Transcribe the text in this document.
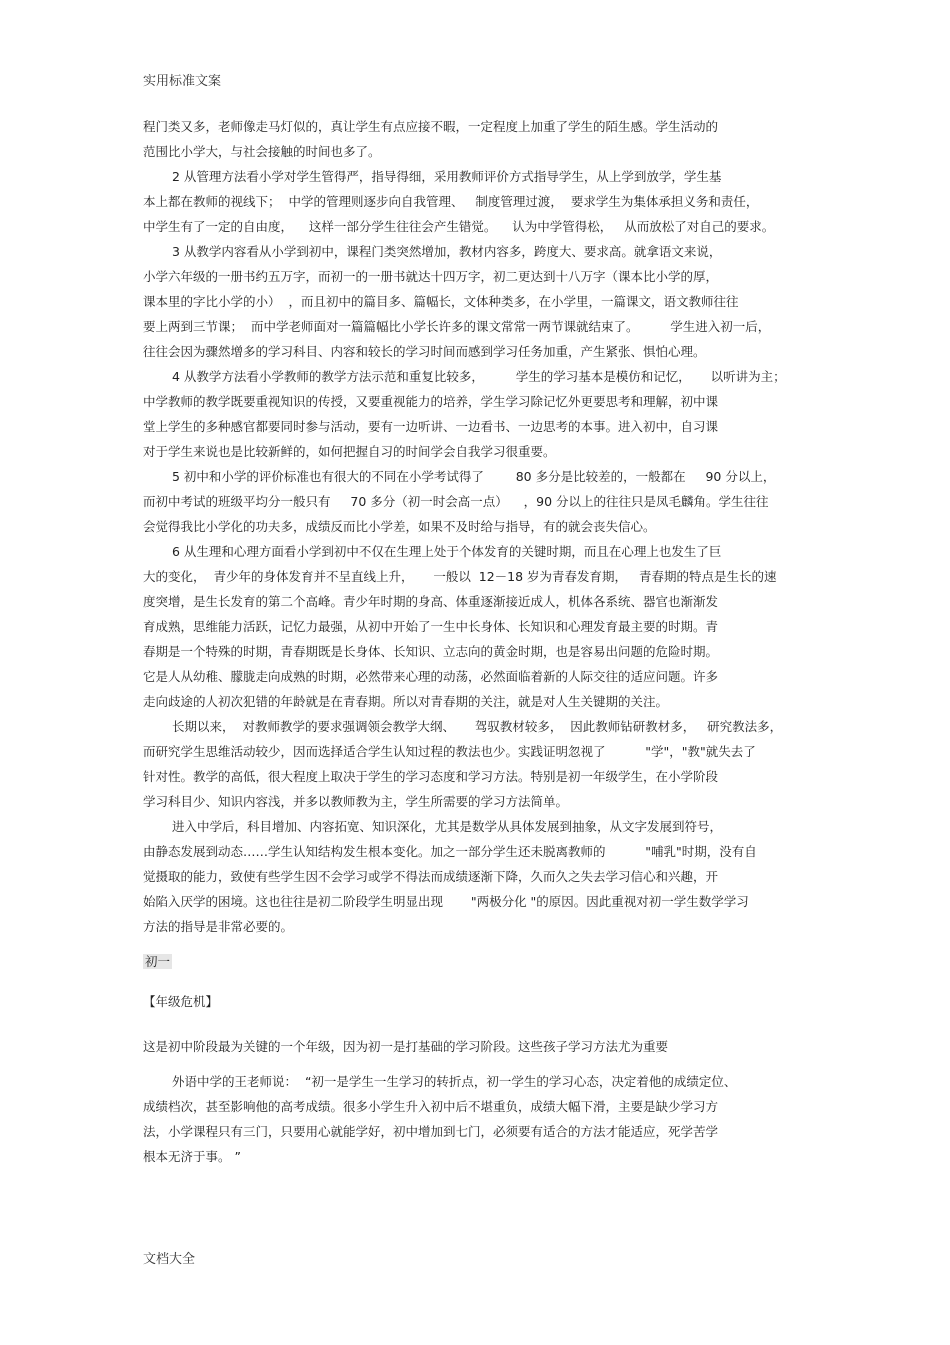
实用标准文案
程门类又多，老师像走马灯似的，真让学生有点应接不暇，一定程度上加重了学生的陌生感。学生活动的
范围比小学大，与社会接触的时间也多了。
2 从管理方法看小学对学生管得严，指导得细，采用教师评价方式指导学生，从上学到放学，学生基
本上都在教师的视线下；  中学的管理则逐步向自我管理、   制度管理过渡，  要求学生为集体承担义务和责任，
中学生有了一定的自由度，    这样一部分学生往往会产生错觉。    认为中学管得松，   从而放松了对自己的要求。
3 从教学内容看从小学到初中，课程门类突然增加，教材内容多，跨度大、要求高。就拿语文来说，
小学六年级的一册书约五万字，而初一的一册书就达十四万字，初二更达到十八万字（课本比小学的厚，
课本里的字比小学的小）  ，而且初中的篇目多、篇幅长，文体种类多，在小学里，一篇课文，语文教师往往
要上两到三节课；  而中学老师面对一篇篇幅比小学长许多的课文常常一两节课就结束了。        学生进入初一后，
往往会因为骤然增多的学习科目、内容和较长的学习时间而感到学习任务加重，产生紧张、惧怕心理。
4 从教学方法看小学教师的教学方法示范和重复比较多，        学生的学习基本是模仿和记忆，     以听讲为主；
中学教师的教学既要重视知识的传授，又要重视能力的培养，学生学习除记忆外更要思考和理解，初中课
堂上学生的多种感官都要同时参与活动，要有一边听讲、一边看书、一边思考的本事。进入初中，自习课
对于学生来说也是比较新鲜的，如何把握自习的时间学会自我学习很重要。
5 初中和小学的评价标准也有很大的不同在小学考试得了        80 多分是比较差的，一般都在     90 分以上，
而初中考试的班级平均分一般只有     70 多分（初一时会高一点）    ，90 分以上的往往只是凤毛麟角。学生往往
会觉得我比小学化的功夫多，成绩反而比小学差，如果不及时给与指导，有的就会丧失信心。
6 从生理和心理方面看小学到初中不仅在生理上处于个体发育的关键时期，而且在心理上也发生了巨
大的变化，  青少年的身体发育并不呈直线上升，     一般以  12－18 岁为青春发育期，   青春期的特点是生长的速
度突增，是生长发育的第二个高峰。青少年时期的身高、体重逐渐接近成人，机体各系统、器官也渐渐发
育成熟，思维能力活跃，记忆力最强，从初中开始了一生中长身体、长知识和心理发育最主要的时期。青
春期是一个特殊的时期，青春期既是长身体、长知识、立志向的黄金时期，也是容易出问题的危险时期。
它是人从幼稚、朦胧走向成熟的时期，必然带来心理的动荡，必然面临着新的人际交往的适应问题。许多
走向歧途的人初次犯错的年龄就是在青春期。所以对青春期的关注，就是对人生关键期的关注。
长期以来，  对教师教学的要求强调领会教学大纲、     驾驭教材较多，  因此教师钻研教材多，   研究教法多，
而研究学生思维活动较少，因而选择适合学生认知过程的教法也少。实践证明忽视了          "学"，"教"就失去了
针对性。教学的高低，很大程度上取决于学生的学习态度和学习方法。特别是初一年级学生，在小学阶段
学习科目少、知识内容浅，并多以教师教为主，学生所需要的学习方法简单。
进入中学后，科目增加、内容拓宽、知识深化，尤其是数学从具体发展到抽象，从文字发展到符号，
由静态发展到动态……学生认知结构发生根本变化。加之一部分学生还未脱离教师的          "哺乳"时期，没有自
觉摄取的能力，致使有些学生因不会学习或学不得法而成绩逐渐下降，久而久之失去学习信心和兴趣，开
始陷入厌学的困境。这也往往是初二阶段学生明显出现       "两极分化 "的原因。因此重视对初一学生数学学习
方法的指导是非常必要的。
初一
【年级危机】
这是初中阶段最为关键的一个年级，因为初一是打基础的学习阶段。这些孩子学习方法尤为重要
外语中学的王老师说：  “初一是学生一生学习的转折点，初一学生的学习心态，决定着他的成绩定位、
成绩档次，甚至影响他的高考成绩。很多小学生升入初中后不堪重负，成绩大幅下滑，主要是缺少学习方
法，小学课程只有三门，只要用心就能学好，初中增加到七门，必须要有适合的方法才能适应，死学苦学
根本无济于事。 ”
文档大全
